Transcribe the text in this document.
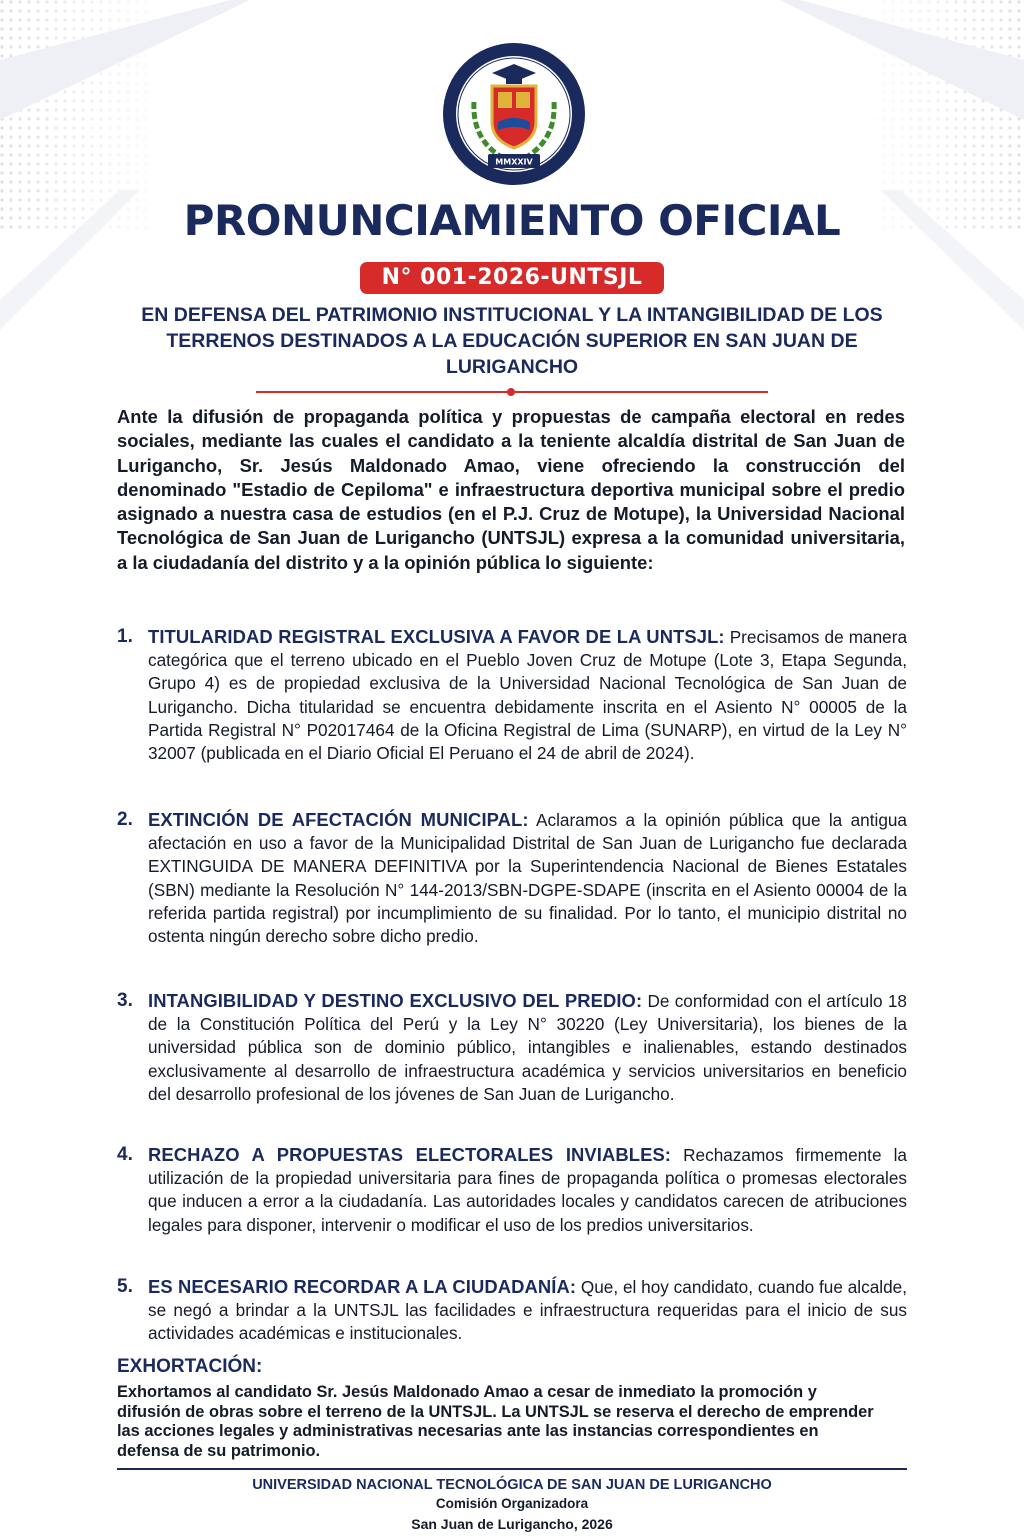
MMXXIV
PRONUNCIAMIENTO OFICIAL
N° 001-2026-UNTSJL
EN DEFENSA DEL PATRIMONIO INSTITUCIONAL Y LA INTANGIBILIDAD DE LOS TERRENOS DESTINADOS A LA EDUCACIÓN SUPERIOR EN SAN JUAN DE LURIGANCHO

Ante la difusión de propaganda política y propuestas de campaña electoral en redes sociales, mediante las cuales el candidato a la teniente alcaldía distrital de San Juan de Lurigancho, Sr. Jesús Maldonado Amao, viene ofreciendo la construcción del denominado "Estadio de Cepiloma" e infraestructura deportiva municipal sobre el predio asignado a nuestra casa de estudios (en el P.J. Cruz de Motupe), la Universidad Nacional Tecnológica de San Juan de Lurigancho (UNTSJL) expresa a la comunidad universitaria, a la ciudadanía del distrito y a la opinión pública lo siguiente:

1. TITULARIDAD REGISTRAL EXCLUSIVA A FAVOR DE LA UNTSJL: Precisamos de manera categórica que el terreno ubicado en el Pueblo Joven Cruz de Motupe (Lote 3, Etapa Segunda, Grupo 4) es de propiedad exclusiva de la Universidad Nacional Tecnológica de San Juan de Lurigancho. Dicha titularidad se encuentra debidamente inscrita en el Asiento N° 00005 de la Partida Registral N° P02017464 de la Oficina Registral de Lima (SUNARP), en virtud de la Ley N° 32007 (publicada en el Diario Oficial El Peruano el 24 de abril de 2024).

2. EXTINCIÓN DE AFECTACIÓN MUNICIPAL: Aclaramos a la opinión pública que la antigua afectación en uso a favor de la Municipalidad Distrital de San Juan de Lurigancho fue declarada EXTINGUIDA DE MANERA DEFINITIVA por la Superintendencia Nacional de Bienes Estatales (SBN) mediante la Resolución N° 144-2013/SBN-DGPE-SDAPE (inscrita en el Asiento 00004 de la referida partida registral) por incumplimiento de su finalidad. Por lo tanto, el municipio distrital no ostenta ningún derecho sobre dicho predio.

3. INTANGIBILIDAD Y DESTINO EXCLUSIVO DEL PREDIO: De conformidad con el artículo 18 de la Constitución Política del Perú y la Ley N° 30220 (Ley Universitaria), los bienes de la universidad pública son de dominio público, intangibles e inalienables, estando destinados exclusivamente al desarrollo de infraestructura académica y servicios universitarios en beneficio del desarrollo profesional de los jóvenes de San Juan de Lurigancho.

4. RECHAZO A PROPUESTAS ELECTORALES INVIABLES: Rechazamos firmemente la utilización de la propiedad universitaria para fines de propaganda política o promesas electorales que inducen a error a la ciudadanía. Las autoridades locales y candidatos carecen de atribuciones legales para disponer, intervenir o modificar el uso de los predios universitarios.

5. ES NECESARIO RECORDAR A LA CIUDADANÍA: Que, el hoy candidato, cuando fue alcalde, se negó a brindar a la UNTSJL las facilidades e infraestructura requeridas para el inicio de sus actividades académicas e institucionales.

EXHORTACIÓN:

Exhortamos al candidato Sr. Jesús Maldonado Amao a cesar de inmediato la promoción y difusión de obras sobre el terreno de la UNTSJL. La UNTSJL se reserva el derecho de emprender las acciones legales y administrativas necesarias ante las instancias correspondientes en defensa de su patrimonio.

UNIVERSIDAD NACIONAL TECNOLÓGICA DE SAN JUAN DE LURIGANCHO
Comisión Organizadora
San Juan de Lurigancho, 2026
